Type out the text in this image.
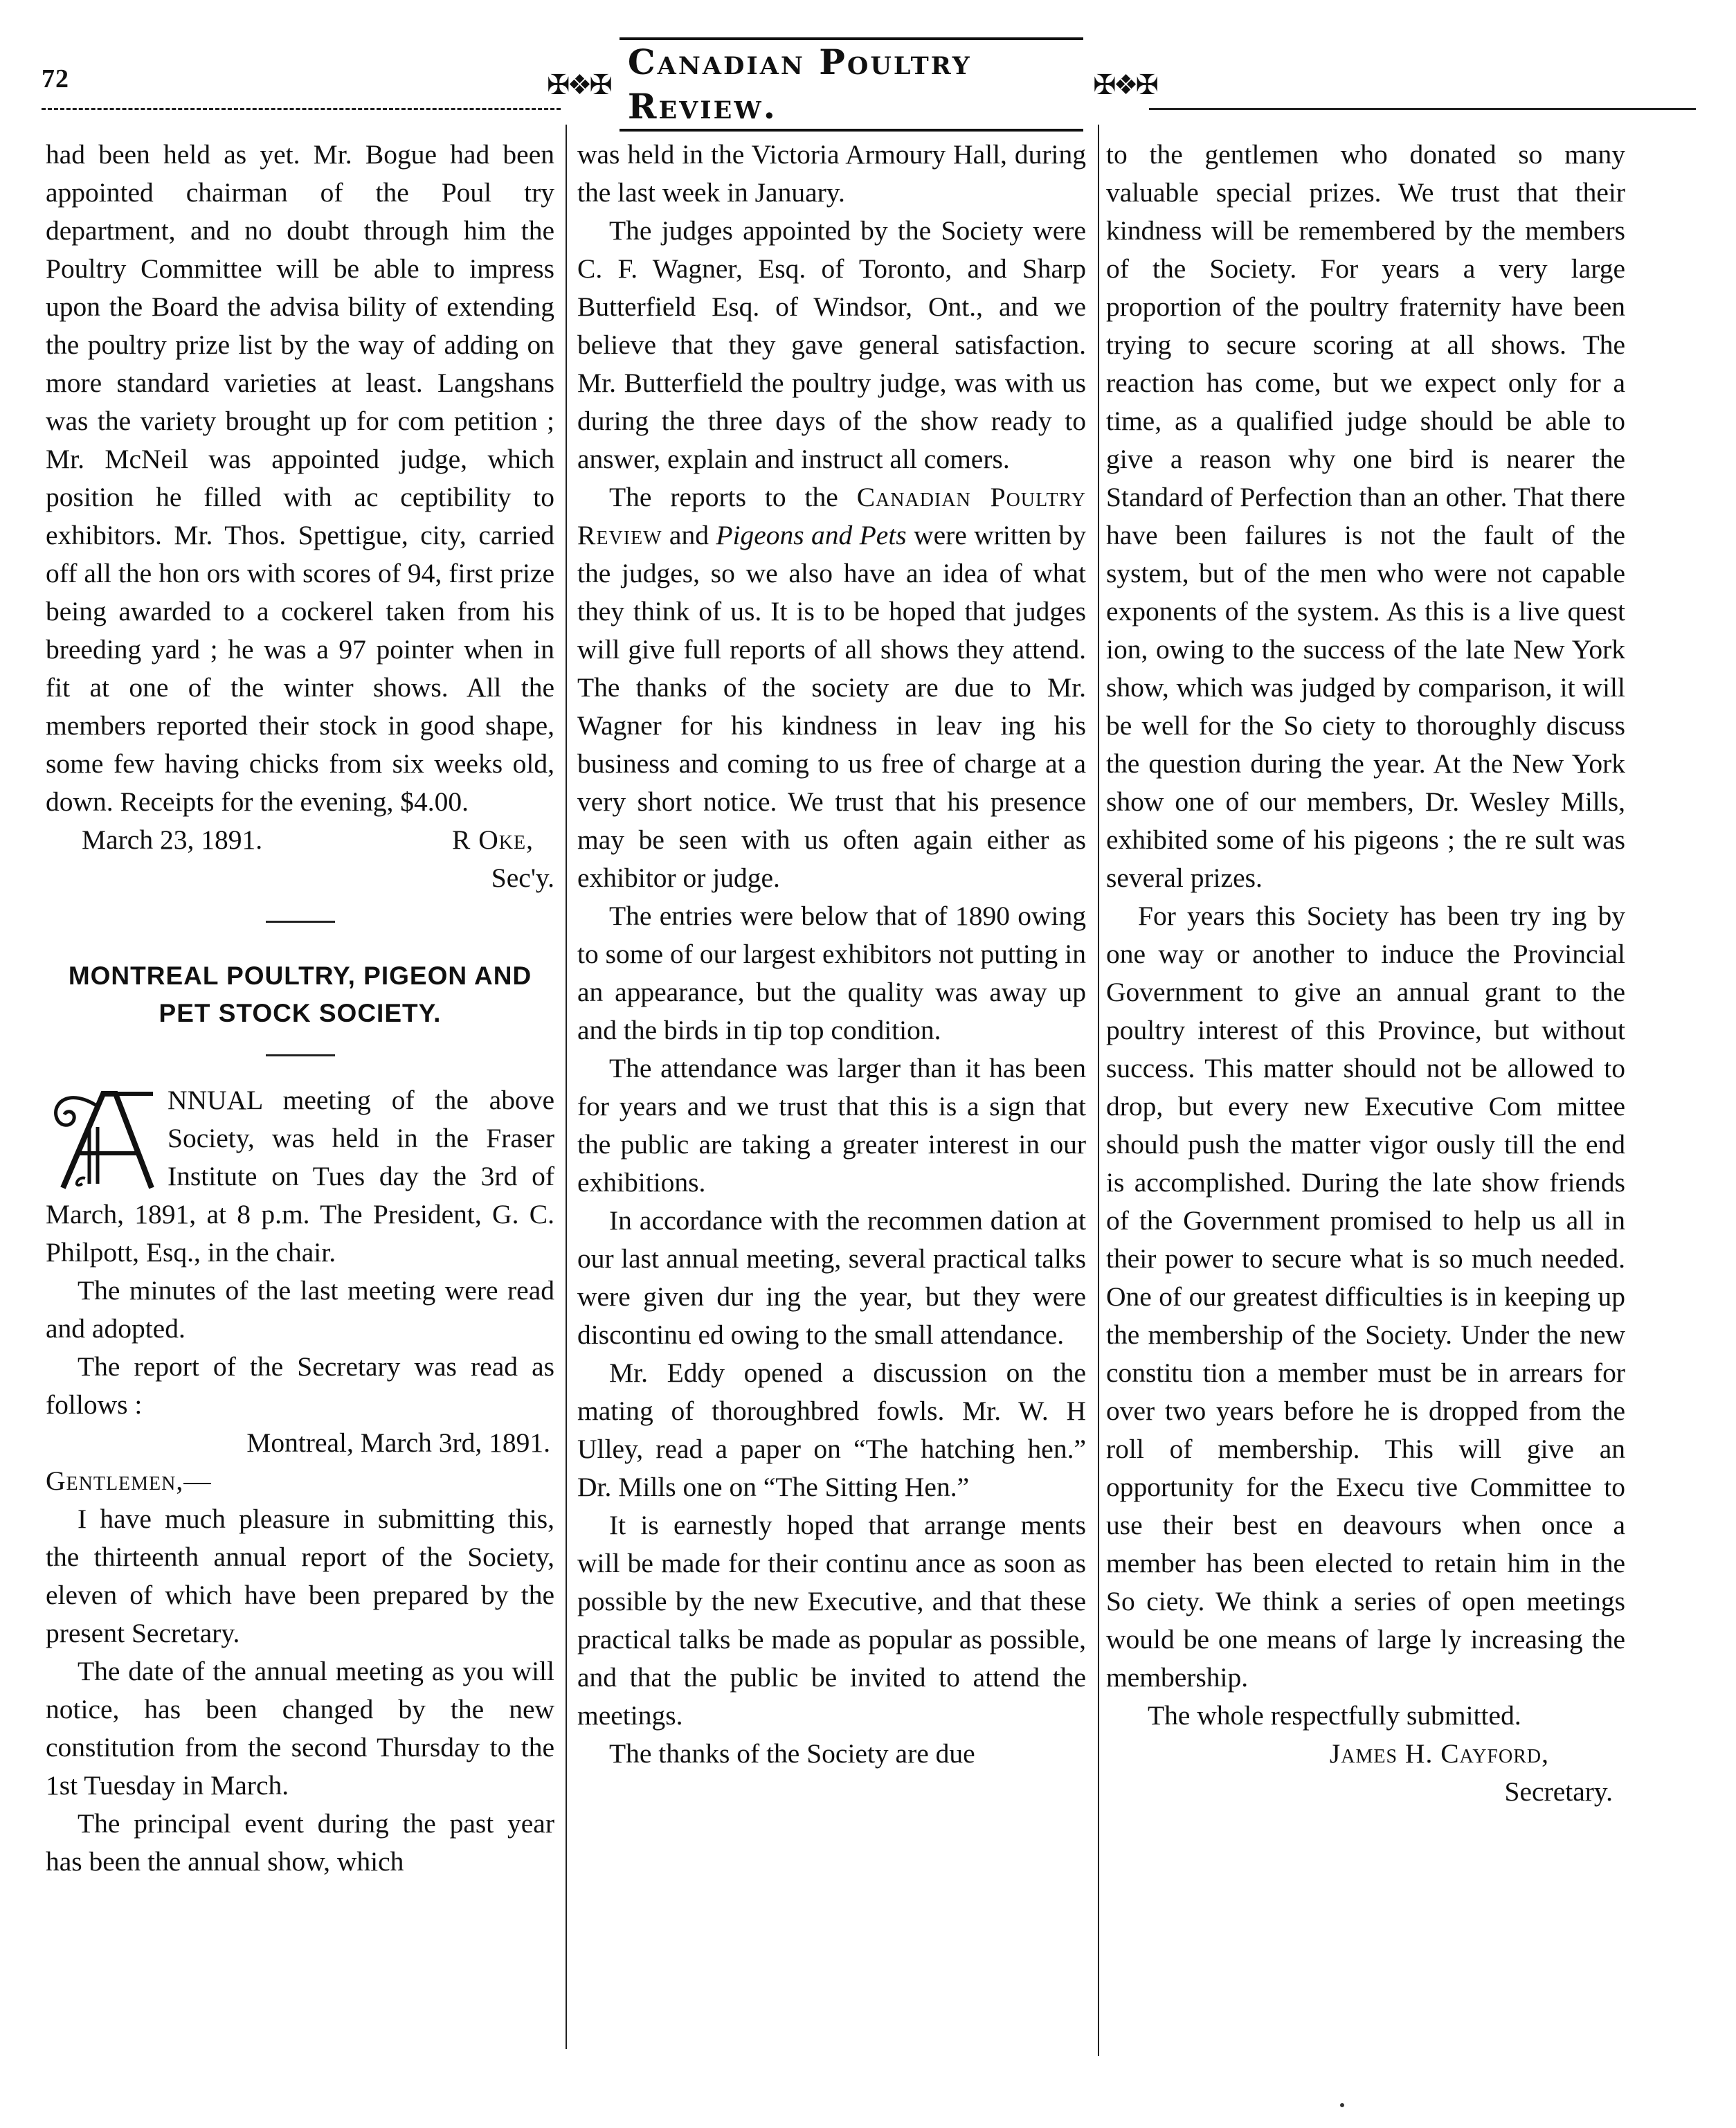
72	✠❖✠
Canadian Poultry Review.
✠❖✠

had been held as yet. Mr. Bogue had been appointed chairman of the Poul try department, and no doubt through him the Poultry Committee will be able to impress upon the Board the advisa bility of extending the poultry prize list by the way of adding on more standard varieties at least. Langshans was the variety brought up for com petition ; Mr. McNeil was appointed judge, which position he filled with ac ceptibility to exhibitors. Mr. Thos. Spettigue, city, carried off all the hon ors with scores of 94, first prize being awarded to a cockerel taken from his breeding yard ; he was a 97 pointer when in fit at one of the winter shows. All the members reported their stock in good shape, some few having chicks from six weeks old, down. Receipts for the evening, $4.00.

March 23, 1891.	R Oke,

Sec'y.

MONTREAL POULTRY, PIGEON AND PET STOCK SOCIETY.

NNUAL meeting of the above Society, was held in the Fraser Institute on Tues day the 3rd of March, 1891, at 8 p.m. The President, G. C. Philpott, Esq., in the chair.

The minutes of the last meeting were read and adopted.

The report of the Secretary was read as follows :

Montreal, March 3rd, 1891.

Gentlemen,—

I have much pleasure in submitting this, the thirteenth annual report of the Society, eleven of which have been prepared by the present Secretary.

The date of the annual meeting as you will notice, has been changed by the new constitution from the second Thursday to the 1st Tuesday in March.

The principal event during the past year has been the annual show, which

was held in the Victoria Armoury Hall, during the last week in January.

The judges appointed by the Society were C. F. Wagner, Esq. of Toronto, and Sharp Butterfield Esq. of Windsor, Ont., and we believe that they gave general satisfaction. Mr. Butterfield the poultry judge, was with us during the three days of the show ready to answer, explain and instruct all comers.

The reports to the Canadian Poultry Review and Pigeons and Pets were written by the judges, so we also have an idea of what they think of us. It is to be hoped that judges will give full reports of all shows they attend. The thanks of the society are due to Mr. Wagner for his kindness in leav ing his business and coming to us free of charge at a very short notice. We trust that his presence may be seen with us often again either as exhibitor or judge.

The entries were below that of 1890 owing to some of our largest exhibitors not putting in an appearance, but the quality was away up and the birds in tip top condition.

The attendance was larger than it has been for years and we trust that this is a sign that the public are taking a greater interest in our exhibitions.

In accordance with the recommen dation at our last annual meeting, several practical talks were given dur ing the year, but they were discontinu ed owing to the small attendance.

Mr. Eddy opened a discussion on the mating of thoroughbred fowls. Mr. W. H Ulley, read a paper on “The hatching hen.” Dr. Mills one on “The Sitting Hen.”

It is earnestly hoped that arrange ments will be made for their continu ance as soon as possible by the new Executive, and that these practical talks be made as popular as possible, and that the public be invited to attend the meetings.

The thanks of the Society are due

to the gentlemen who donated so many valuable special prizes. We trust that their kindness will be remembered by the members of the Society. For years a very large proportion of the poultry fraternity have been trying to secure scoring at all shows. The reaction has come, but we expect only for a time, as a qualified judge should be able to give a reason why one bird is nearer the Standard of Perfection than an other. That there have been failures is not the fault of the system, but of the men who were not capable exponents of the system. As this is a live quest ion, owing to the success of the late New York show, which was judged by comparison, it will be well for the So ciety to thoroughly discuss the question during the year. At the New York show one of our members, Dr. Wesley Mills, exhibited some of his pigeons ; the re sult was several prizes.

For years this Society has been try ing by one way or another to induce the Provincial Government to give an annual grant to the poultry interest of this Province, but without success. This matter should not be allowed to drop, but every new Executive Com mittee should push the matter vigor ously till the end is accomplished. During the late show friends of the Government promised to help us all in their power to secure what is so much needed. One of our greatest difficulties is in keeping up the membership of the Society. Under the new constitu tion a member must be in arrears for over two years before he is dropped from the roll of membership. This will give an opportunity for the Execu tive Committee to use their best en deavours when once a member has been elected to retain him in the So ciety. We think a series of open meetings would be one means of large ly increasing the membership.

The whole respectfully submitted.

James H. Cayford,

Secretary.
